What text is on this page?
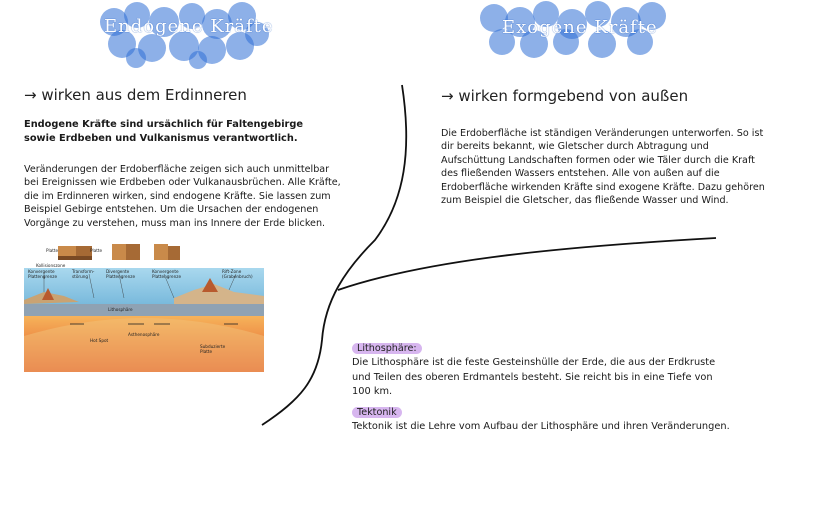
Endogene Kräfte	Exogene Kräfte
→ wirken aus dem Erdinneren
Endogene Kräfte sind ursächlich für Faltengebirge sowie Erdbeben und Vulkanismus verantwortlich.
Veränderungen der Erdoberfläche zeigen sich auch unmittelbar bei Ereignissen wie Erdbeben oder Vulkanausbrüchen. Alle Kräfte, die im Erdinneren wirken, sind endogene Kräfte. Sie lassen zum Beispiel Gebirge entstehen. Um die Ursachen der endogenen Vorgänge zu verstehen, muss man ins Innere der Erde blicken.
Platte	Platte
Kollisionszone
Konvergente Plattengrenze
Transform-störung
Divergente Plattengrenze
Konvergente Plattengrenze
Rift-Zone (Grabenbruch)
Lithosphäre
Asthenosphäre
Hot Spot
Subduzierte Platte
→ wirken formgebend von außen
Die Erdoberfläche ist ständigen Veränderungen unterworfen. So ist dir bereits bekannt, wie Gletscher durch Abtragung und Aufschüttung Landschaften formen oder wie Täler durch die Kraft des fließenden Wassers entstehen. Alle von außen auf die Erdoberfläche wirkenden Kräfte sind exogene Kräfte. Dazu gehören zum Beispiel die Gletscher, das fließende Wasser und Wind.
Lithosphäre:
Die Lithosphäre ist die feste Gesteinshülle der Erde, die aus der Erdkruste und Teilen des oberen Erdmantels besteht. Sie reicht bis in eine Tiefe von 100 km.
Tektonik
Tektonik ist die Lehre vom Aufbau der Lithosphäre und ihren Veränderungen.
